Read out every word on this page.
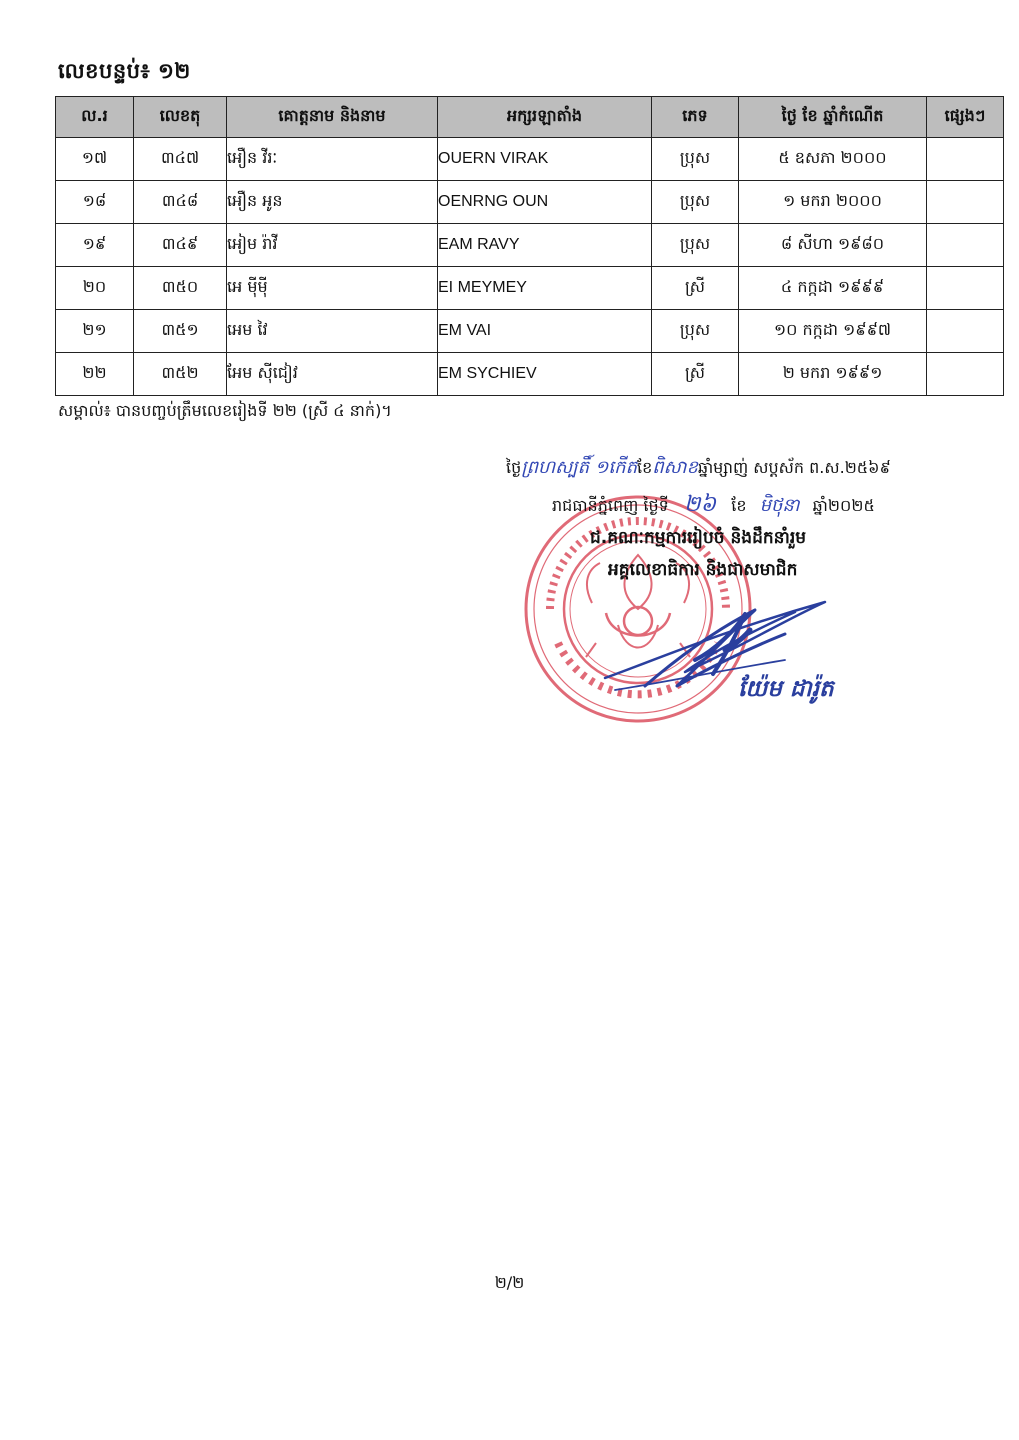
លេខបន្ទប់៖ ១២
ល.រ	លេខតុ	គោត្តនាម និងនាម	អក្សរឡាតាំង	ភេទ	ថ្ងៃ ខែ ឆ្នាំកំណើត	ផ្សេងៗ
១៧	៣៤៧	អឿន វីរៈ	OUERN VIRAK	ប្រុស	៥ ឧសភា ២០០០	
១៨	៣៤៨	អឿន អូន	OENRNG OUN	ប្រុស	១ មករា ២០០០	
១៩	៣៤៩	អៀម រ៉ាវី	EAM RAVY	ប្រុស	៨ សីហា ១៩៨០	
២០	៣៥០	អេ ម៉ីម៉ី	EI MEYMEY	ស្រី	៤ កក្កដា ១៩៩៩	
២១	៣៥១	អេម វៃ	EM VAI	ប្រុស	១០ កក្កដា ១៩៩៧	
២២	៣៥២	អែម ស៊ីជៀវ	EM SYCHIEV	ស្រី	២ មករា ១៩៩១	
សម្គាល់៖ បានបញ្ចប់ត្រឹមលេខរៀងទី ២២ (ស្រី ៤ នាក់)។
ថ្ងៃព្រហស្បតិ៍ ១កើតខែពិសាខឆ្នាំម្សាញ់ សប្តស័ក ព.ស.២៥៦៩
រាជធានីភ្នំពេញ ថ្ងៃទី ២៦ ខែ មិថុនា ឆ្នាំ២០២៥
ជ.គណៈកម្មការរៀបចំ និងដឹកនាំរួម
អគ្គលេខាធិការ និងជាសមាជិក
យ៉ែម ដារ៉ូត
២/២
